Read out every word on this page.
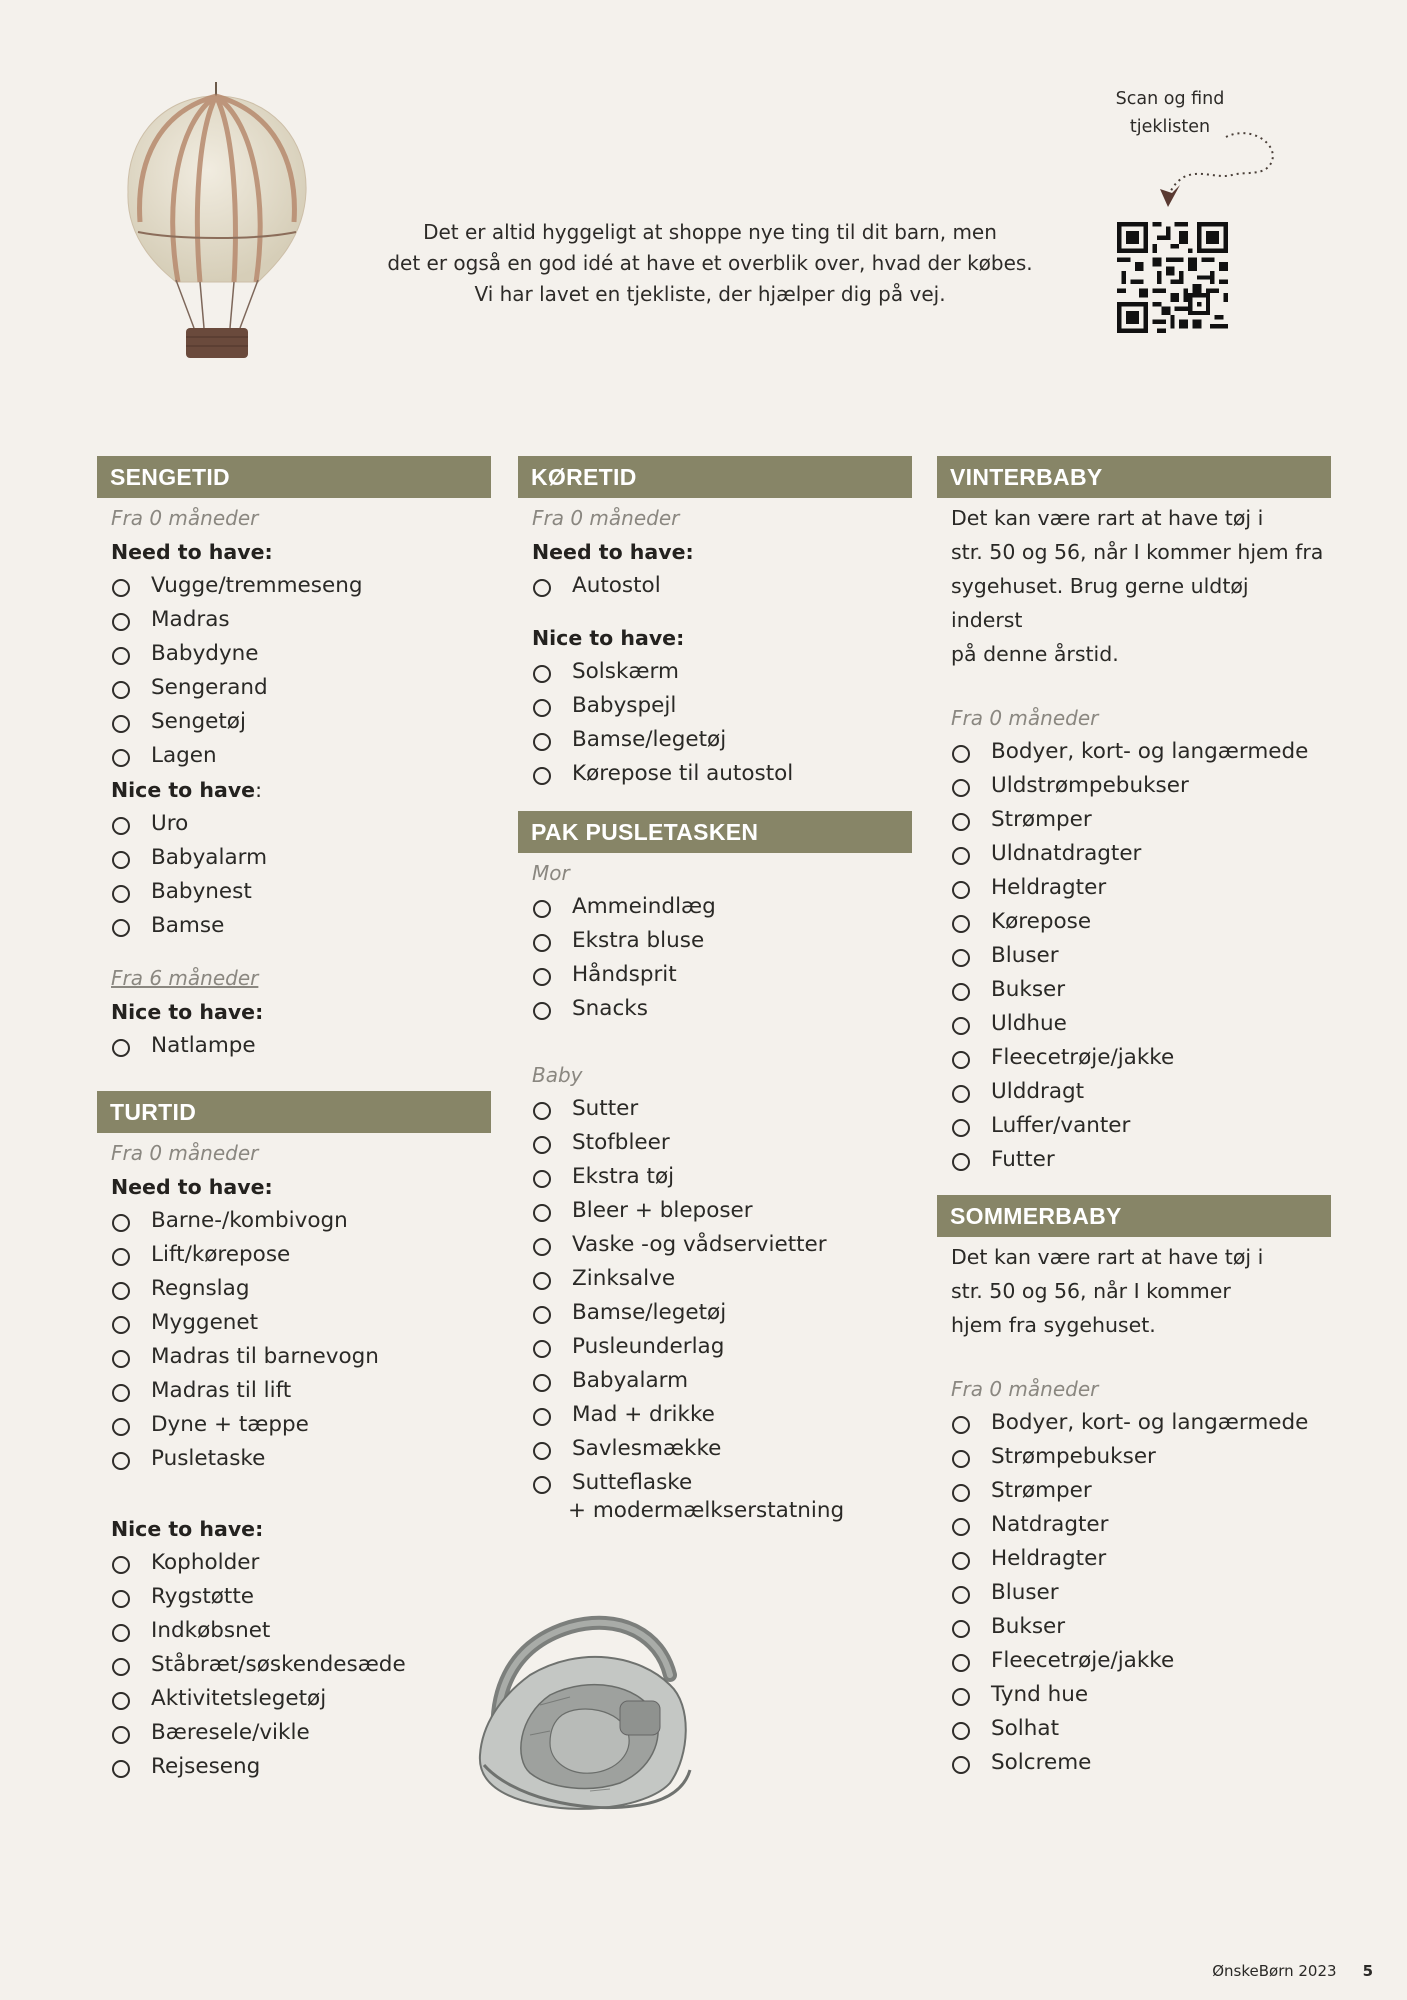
Det er altid hyggeligt at shoppe nye ting til dit barn, men
det er også en god idé at have et overblik over, hvad der købes.
Vi har lavet en tjekliste, der hjælper dig på vej.
Scan og find
tjeklisten
SENGETID
Fra 0 måneder
Need to have:
Vugge/tremmeseng
Madras
Babydyne
Sengerand
Sengetøj
Lagen
Nice to have:
Uro
Babyalarm
Babynest
Bamse
Fra 6 måneder
Nice to have:
Natlampe
TURTID
Fra 0 måneder
Need to have:
Barne-/kombivogn
Lift/kørepose
Regnslag
Myggenet
Madras til barnevogn
Madras til lift
Dyne + tæppe
Pusletaske
Nice to have:
Kopholder
Rygstøtte
Indkøbsnet
Ståbræt/søskendesæde
Aktivitetslegetøj
Bæresele/vikle
Rejseseng
KØRETID
Fra 0 måneder
Need to have:
Autostol
Nice to have:
Solskærm
Babyspejl
Bamse/legetøj
Kørepose til autostol
PAK PUSLETASKEN
Mor
Ammeindlæg
Ekstra bluse
Håndsprit
Snacks
Baby
Sutter
Stofbleer
Ekstra tøj
Bleer + bleposer
Vaske -og vådservietter
Zinksalve
Bamse/legetøj
Pusleunderlag
Babyalarm
Mad + drikke
Savlesmække
Sutteflaske
+ modermælkserstatning
VINTERBABY
Det kan være rart at have tøj i
str. 50 og 56, når I kommer hjem fra
sygehuset. Brug gerne uldtøj inderst
på denne årstid.
Fra 0 måneder
Bodyer, kort- og langærmede
Uldstrømpebukser
Strømper
Uldnatdragter
Heldragter
Kørepose
Bluser
Bukser
Uldhue
Fleecetrøje/jakke
Ulddragt
Luffer/vanter
Futter
SOMMERBABY
Det kan være rart at have tøj i
str. 50 og 56, når I kommer
hjem fra sygehuset.
Fra 0 måneder
Bodyer, kort- og langærmede
Strømpebukser
Strømper
Natdragter
Heldragter
Bluser
Bukser
Fleecetrøje/jakke
Tynd hue
Solhat
Solcreme
ØnskeBørn 2023 5
